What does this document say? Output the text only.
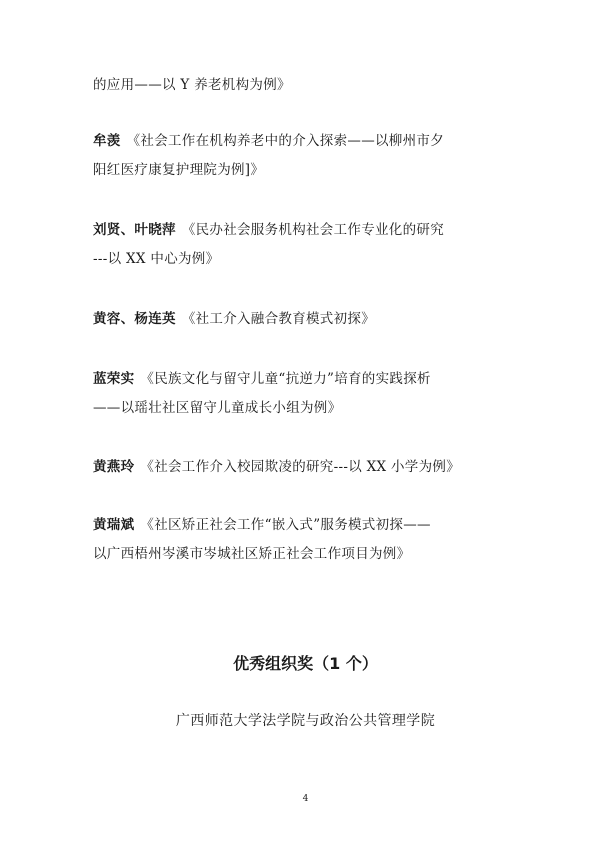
的应用——以 Y 养老机构为例》
牟羡 《社会工作在机构养老中的介入探索——以柳州市夕
阳红医疗康复护理院为例]》
刘贤、叶晓萍 《民办社会服务机构社会工作专业化的研究
---以 XX 中心为例》
黄容、杨连英 《社工介入融合教育模式初探》
蓝荣实 《民族文化与留守儿童“抗逆力”培育的实践探析
——以瑶壮社区留守儿童成长小组为例》
黄燕玲 《社会工作介入校园欺凌的研究---以 XX 小学为例》
黄瑞斌 《社区矫正社会工作“嵌入式”服务模式初探——
以广西梧州岑溪市岑城社区矫正社会工作项目为例》
优秀组织奖（1 个）
广西师范大学法学院与政治公共管理学院
4
